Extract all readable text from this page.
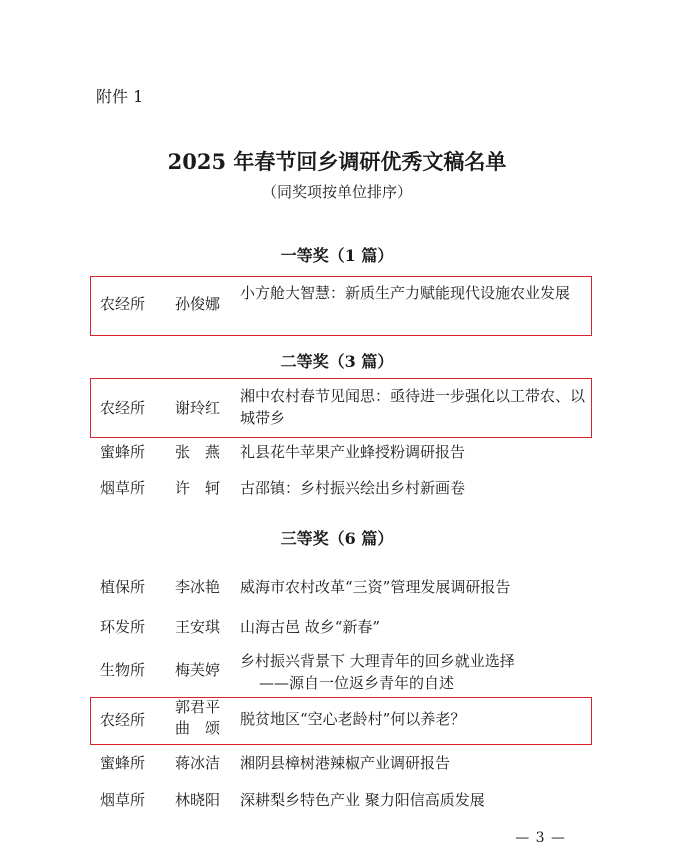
附件 1
2025 年春节回乡调研优秀文稿名单
（同奖项按单位排序）
一等奖（1 篇）
农经所 孙俊娜
小方舱大智慧：新质生产力赋能现代设施农业发展
二等奖（3 篇）
农经所 谢玲红
湘中农村春节见闻思：亟待进一步强化以工带农、以城带乡
蜜蜂所 张　燕 礼县花牛苹果产业蜂授粉调研报告
烟草所 许　轲 古邵镇：乡村振兴绘出乡村新画卷
三等奖（6 篇）
植保所 李冰艳 威海市农村改革“三资”管理发展调研报告
环发所 王安琪 山海古邑 故乡“新春”
生物所 梅芙婷 乡村振兴背景下 大理青年的回乡就业选择
——源自一位返乡青年的自述
农经所
郭君平
曲　颂 脱贫地区“空心老龄村”何以养老？
蜜蜂所 蒋冰洁 湘阴县樟树港辣椒产业调研报告
烟草所 林晓阳 深耕梨乡特色产业 聚力阳信高质发展
— 3 —
